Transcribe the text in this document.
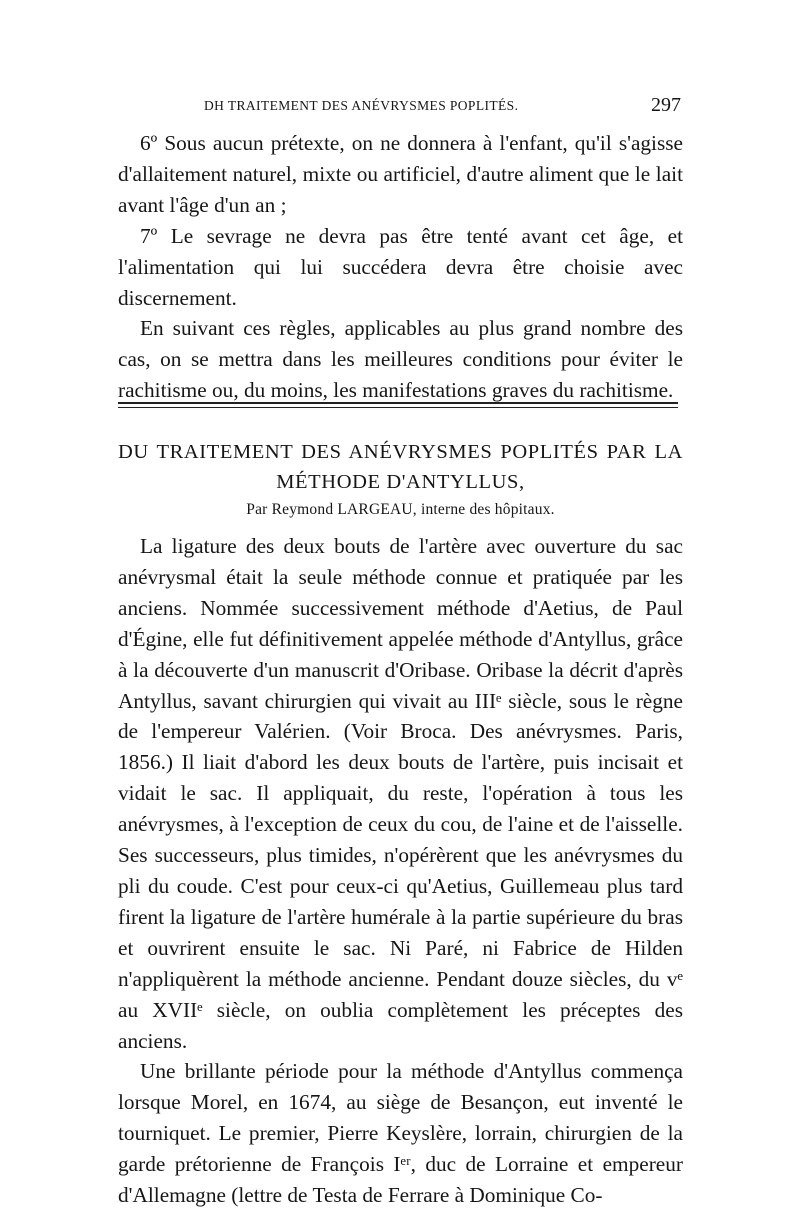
DH TRAITEMENT DES ANÉVRYSMES POPLITÉS.	297

6º Sous aucun prétexte, on ne donnera à l'enfant, qu'il s'agisse d'allaitement naturel, mixte ou artificiel, d'autre aliment que le lait avant l'âge d'un an ;

7º Le sevrage ne devra pas être tenté avant cet âge, et l'alimentation qui lui succédera devra être choisie avec discernement.

En suivant ces règles, applicables au plus grand nombre des cas, on se mettra dans les meilleures conditions pour éviter le rachitisme ou, du moins, les manifestations graves du rachitisme.

DU TRAITEMENT DES ANÉVRYSMES POPLITÉS PAR LA
MÉTHODE D'ANTYLLUS,
Par Reymond LARGEAU, interne des hôpitaux.

La ligature des deux bouts de l'artère avec ouverture du sac anévrysmal était la seule méthode connue et pratiquée par les anciens. Nommée successivement méthode d'Aetius, de Paul d'Égine, elle fut définitivement appelée méthode d'Antyllus, grâce à la découverte d'un manuscrit d'Oribase. Oribase la décrit d'après Antyllus, savant chirurgien qui vivait au IIIᵉ siècle, sous le règne de l'empereur Valérien. (Voir Broca. Des anévrysmes. Paris, 1856.) Il liait d'abord les deux bouts de l'artère, puis incisait et vidait le sac. Il appliquait, du reste, l'opération à tous les anévrysmes, à l'exception de ceux du cou, de l'aine et de l'aisselle. Ses successeurs, plus timides, n'opérèrent que les anévrysmes du pli du coude. C'est pour ceux-ci qu'Aetius, Guillemeau plus tard firent la ligature de l'artère humérale à la partie supérieure du bras et ouvrirent ensuite le sac. Ni Paré, ni Fabrice de Hilden n'appliquèrent la méthode ancienne. Pendant douze siècles, du vᵉ au XVIIᵉ siècle, on oublia complètement les préceptes des anciens.

Une brillante période pour la méthode d'Antyllus commença lorsque Morel, en 1674, au siège de Besançon, eut inventé le tourniquet. Le premier, Pierre Keyslère, lorrain, chirurgien de la garde prétorienne de François Iᵉʳ, duc de Lorraine et empereur d'Allemagne (lettre de Testa de Ferrare à Dominique Co-
